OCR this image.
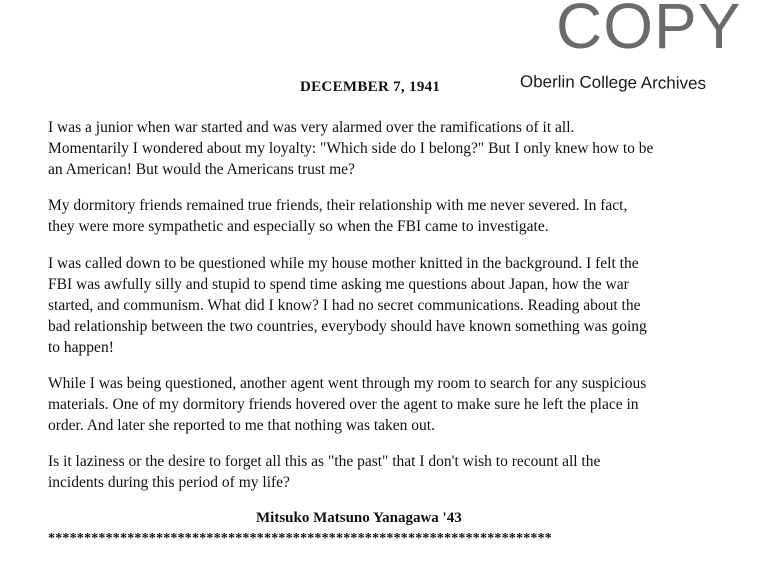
COPY
Oberlin College Archives
DECEMBER 7, 1941

I was a junior when war started and was very alarmed over the ramifications of it all.
Momentarily I wondered about my loyalty: "Which side do I belong?" But I only knew how to be
an American! But would the Americans trust me?

My dormitory friends remained true friends, their relationship with me never severed. In fact,
they were more sympathetic and especially so when the FBI came to investigate.

I was called down to be questioned while my house mother knitted in the background. I felt the
FBI was awfully silly and stupid to spend time asking me questions about Japan, how the war
started, and communism. What did I know? I had no secret communications. Reading about the
bad relationship between the two countries, everybody should have known something was going
to happen!

While I was being questioned, another agent went through my room to search for any suspicious
materials. One of my dormitory friends hovered over the agent to make sure he left the place in
order. And later she reported to me that nothing was taken out.

Is it laziness or the desire to forget all this as "the past" that I don't wish to recount all the
incidents during this period of my life?

Mitsuko Matsuno Yanagawa '43
**********************************************************************
